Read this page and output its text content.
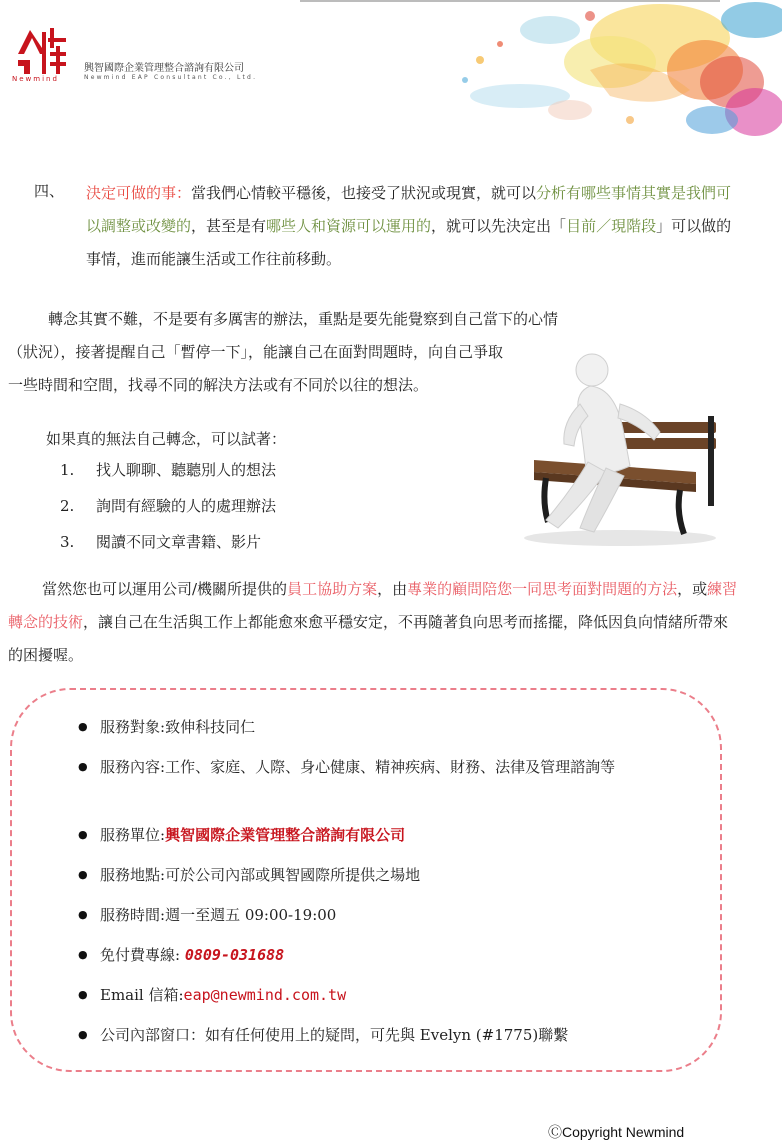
Newmind
興智國際企業管理整合諮詢有限公司
Newmind EAP Consultant Co., Ltd.
四、 決定可做的事：當我們心情較平穩後，也接受了狀況或現實，就可以分析有哪些事情其實是我們可以調整或改變的，甚至是有哪些人和資源可以運用的，就可以先決定出「目前／現階段」可以做的事情，進而能讓生活或工作往前移動。

轉念其實不難，不是要有多厲害的辦法，重點是要先能覺察到自己當下的心情

（狀況），接著提醒自己「暫停一下」，能讓自己在面對問題時，向自己爭取一些時間和空間，找尋不同的解決方法或有不同於以往的想法。

如果真的無法自己轉念，可以試著：

1. 找人聊聊、聽聽別人的想法
2. 詢問有經驗的人的處理辦法
3. 閱讀不同文章書籍、影片

當然您也可以運用公司/機關所提供的員工協助方案，由專業的顧問陪您一同思考面對問題的方法，或練習轉念的技術，讓自己在生活與工作上都能愈來愈平穩安定，不再隨著負向思考而搖擺，降低因負向情緒所帶來的困擾喔。

● 服務對象:致伸科技同仁
● 服務內容:工作、家庭、人際、身心健康、精神疾病、財務、法律及管理諮詢等
● 服務單位:興智國際企業管理整合諮詢有限公司
● 服務地點:可於公司內部或興智國際所提供之場地
● 服務時間:週一至週五 09:00-19:00
● 免付費專線: 0809-031688
● Email 信箱:eap@newmind.com.tw
● 公司內部窗口：如有任何使用上的疑問，可先與 Evelyn (#1775)聯繫
ⒸCopyright Newmind
